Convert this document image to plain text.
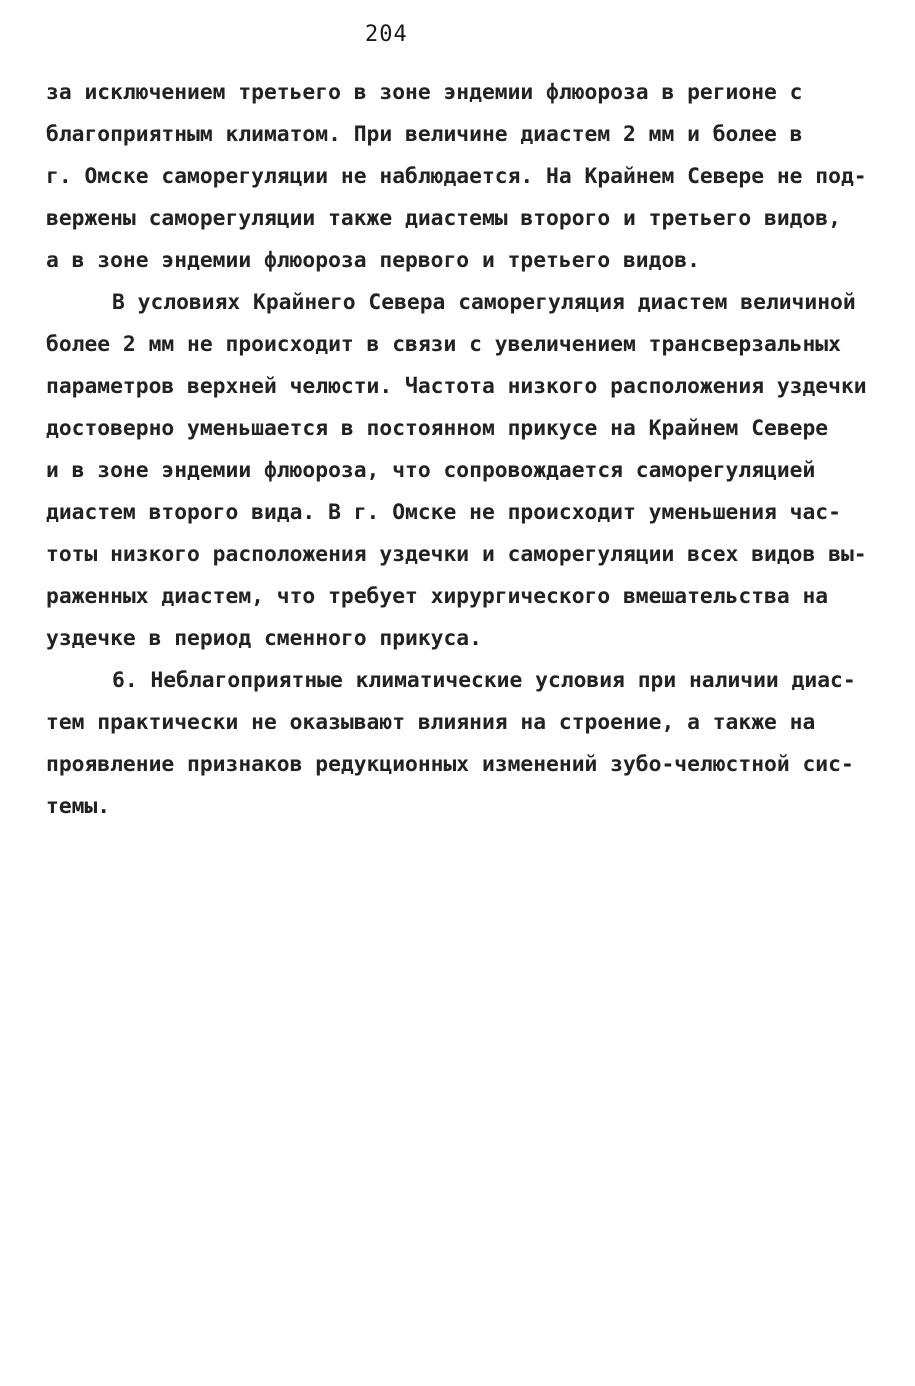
204
за исключением третьего в зоне эндемии флюороза в регионе с
благоприятным климатом. При величине диастем 2 мм и более в
г. Омске саморегуляции не наблюдается. На Крайнем Севере не под-
вержены саморегуляции также диастемы второго и третьего видов,
а в зоне эндемии флюороза первого и третьего видов.
В условиях Крайнего Севера саморегуляция диастем величиной
более 2 мм не происходит в связи с увеличением трансверзальных
параметров верхней челюсти. Частота низкого расположения уздечки
достоверно уменьшается в постоянном прикусе на Крайнем Севере
и в зоне эндемии флюороза, что сопровождается саморегуляцией
диастем второго вида. В г. Омске не происходит уменьшения час-
тоты низкого расположения уздечки и саморегуляции всех видов вы-
раженных диастем, что требует хирургического вмешательства на
уздечке в период сменного прикуса.
6. Неблагоприятные климатические условия при наличии диас-
тем практически не оказывают влияния на строение, а также на
проявление признаков редукционных изменений зубо-челюстной сис-
темы.
